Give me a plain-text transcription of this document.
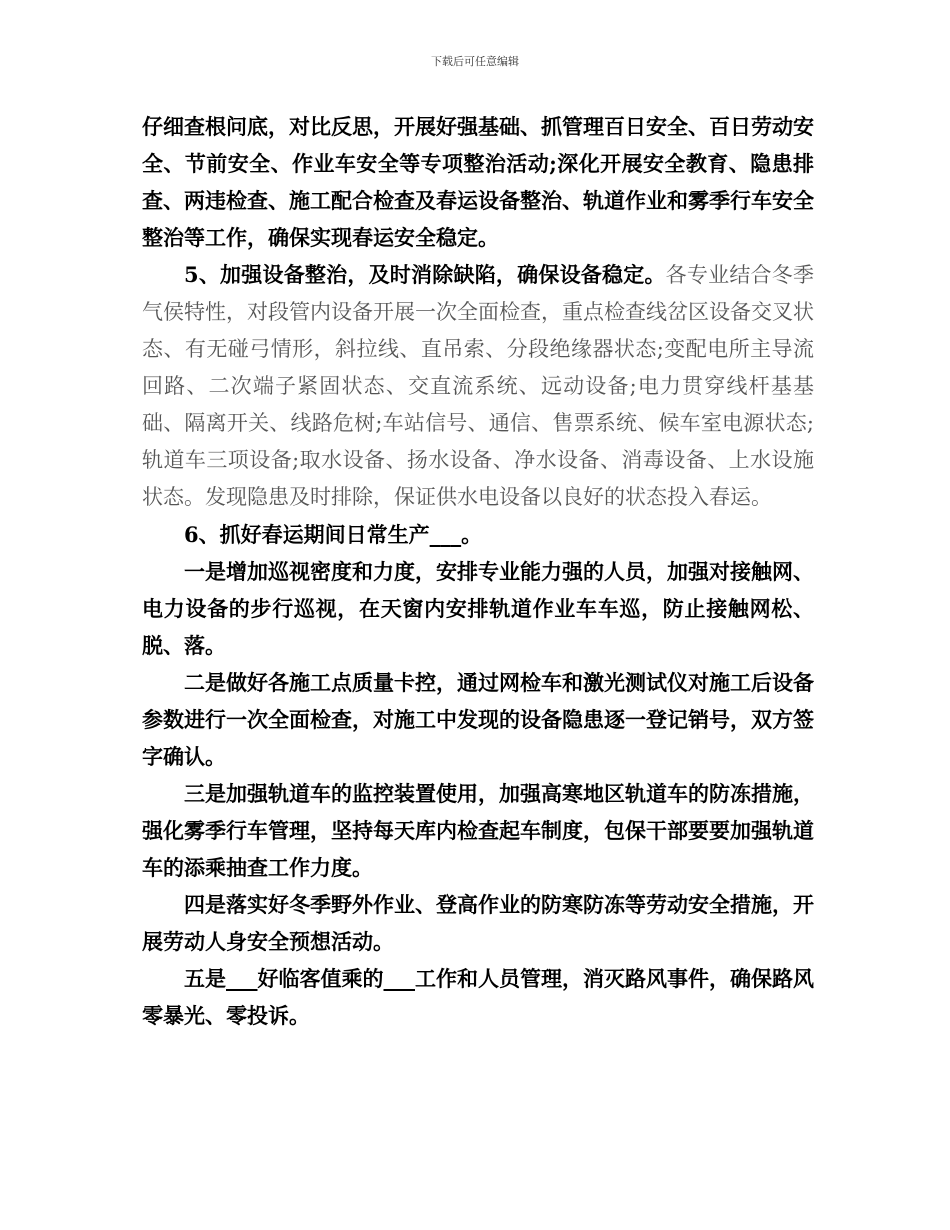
下载后可任意编辑

仔细查根问底，对比反思，开展好强基础、抓管理百日安全、百日劳动安全、节前安全、作业车安全等专项整治活动;深化开展安全教育、隐患排查、两违检查、施工配合检查及春运设备整治、轨道作业和雾季行车安全整治等工作，确保实现春运安全稳定。

5、加强设备整治，及时消除缺陷，确保设备稳定。各专业结合冬季气侯特性，对段管内设备开展一次全面检查，重点检查线岔区设备交叉状态、有无碰弓情形，斜拉线、直吊索、分段绝缘器状态;变配电所主导流回路、二次端子紧固状态、交直流系统、远动设备;电力贯穿线杆基基础、隔离开关、线路危树;车站信号、通信、售票系统、候车室电源状态;轨道车三项设备;取水设备、扬水设备、净水设备、消毒设备、上水设施状态。发现隐患及时排除，保证供水电设备以良好的状态投入春运。

6、抓好春运期间日常生产___。

一是增加巡视密度和力度，安排专业能力强的人员，加强对接触网、电力设备的步行巡视，在天窗内安排轨道作业车车巡，防止接触网松、脱、落。

二是做好各施工点质量卡控，通过网检车和激光测试仪对施工后设备参数进行一次全面检查，对施工中发现的设备隐患逐一登记销号，双方签字确认。

三是加强轨道车的监控装置使用，加强高寒地区轨道车的防冻措施，强化雾季行车管理，坚持每天库内检查起车制度，包保干部要要加强轨道车的添乘抽查工作力度。

四是落实好冬季野外作业、登高作业的防寒防冻等劳动安全措施，开展劳动人身安全预想活动。

五是___好临客值乘的___工作和人员管理，消灭路风事件，确保路风零暴光、零投诉。
